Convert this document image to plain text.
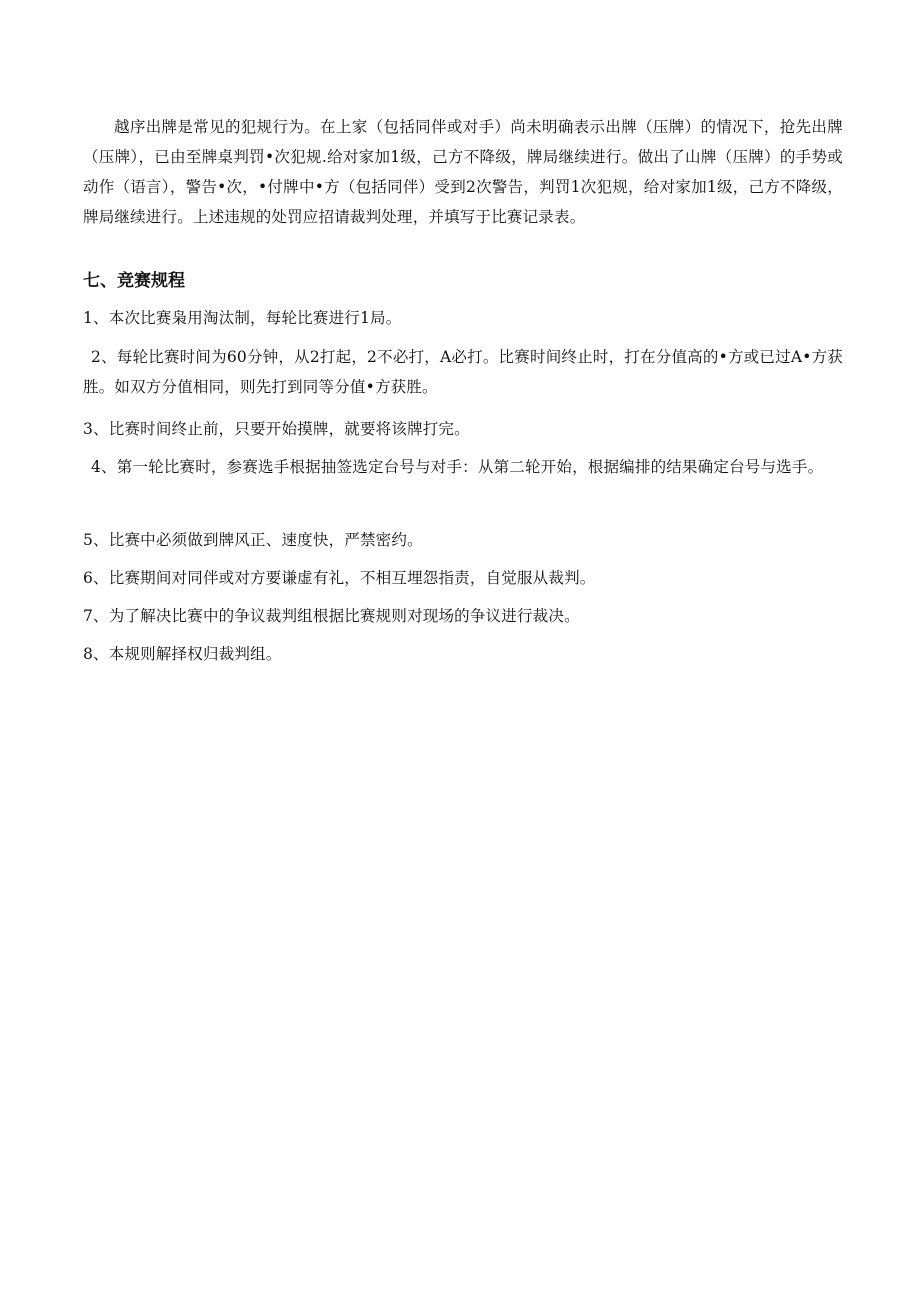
越序出牌是常见的犯规行为。在上家（包括同伴或对手）尚未明确表示出牌（压牌）的情况下，抢先出牌（压牌），已由至牌桌判罚•次犯规.给对家加1级，己方不降级，牌局继续进行。做出了山牌（压牌）的手势或动作（语言），警告•次，•付牌中•方（包括同伴）受到2次警告，判罚1次犯规，给对家加1级，己方不降级，牌局继续进行。上述违规的处罚应招请裁判处理，并填写于比赛记录表。

七、竞赛规程

1、本次比赛枭用淘汰制，每轮比赛进行1局。

2、每轮比赛时间为60分钟，从2打起，2不必打，A必打。比赛时间终止时，打在分值高的•方或已过A•方获胜。如双方分值相同，则先打到同等分值•方获胜。

3、比赛时间终止前，只要开始摸牌，就要将该牌打完。

4、第一轮比赛时，参赛选手根据抽签选定台号与对手：从第二轮开始，根据编排的结果确定台号与选手。

5、比赛中必须做到牌风正、速度快，严禁密约。

6、比赛期间对同伴或对方要谦虚有礼，不相互埋怨指责，自觉服从裁判。

7、为了解决比赛中的争议裁判组根据比赛规则对现场的争议进行裁决。

8、本规则解择权归裁判组。
